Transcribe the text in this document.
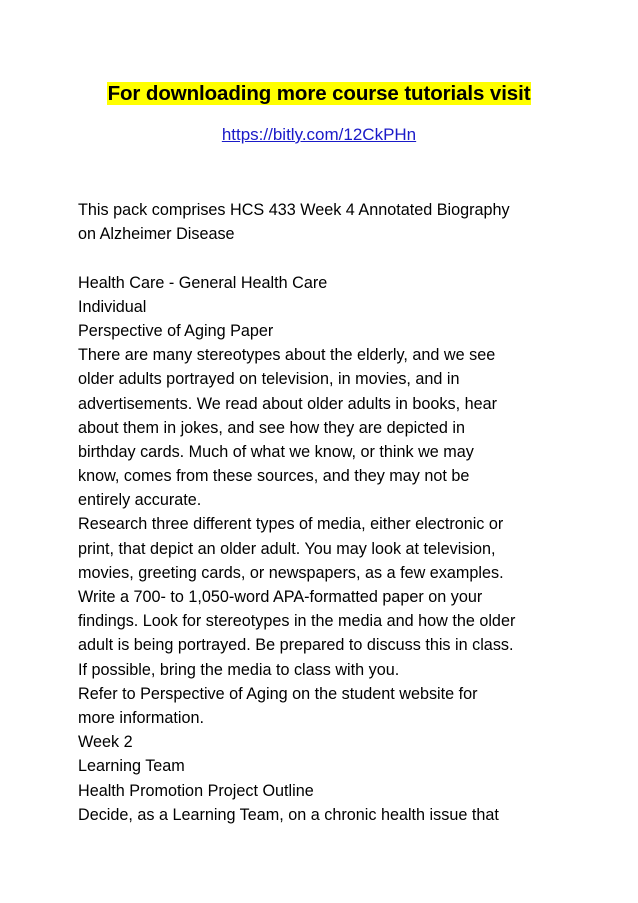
For downloading more course tutorials visit
https://bitly.com/12CkPHn
This pack comprises HCS 433 Week 4 Annotated Biography
on Alzheimer Disease
Health Care - General Health Care
Individual
Perspective of Aging Paper
There are many stereotypes about the elderly, and we see
older adults portrayed on television, in movies, and in
advertisements. We read about older adults in books, hear
about them in jokes, and see how they are depicted in
birthday cards. Much of what we know, or think we may
know, comes from these sources, and they may not be
entirely accurate.
Research three different types of media, either electronic or
print, that depict an older adult. You may look at television,
movies, greeting cards, or newspapers, as a few examples.
Write a 700- to 1,050-word APA-formatted paper on your
findings. Look for stereotypes in the media and how the older
adult is being portrayed. Be prepared to discuss this in class.
If possible, bring the media to class with you.
Refer to Perspective of Aging on the student website for
more information.
Week 2
Learning Team
Health Promotion Project Outline
Decide, as a Learning Team, on a chronic health issue that
